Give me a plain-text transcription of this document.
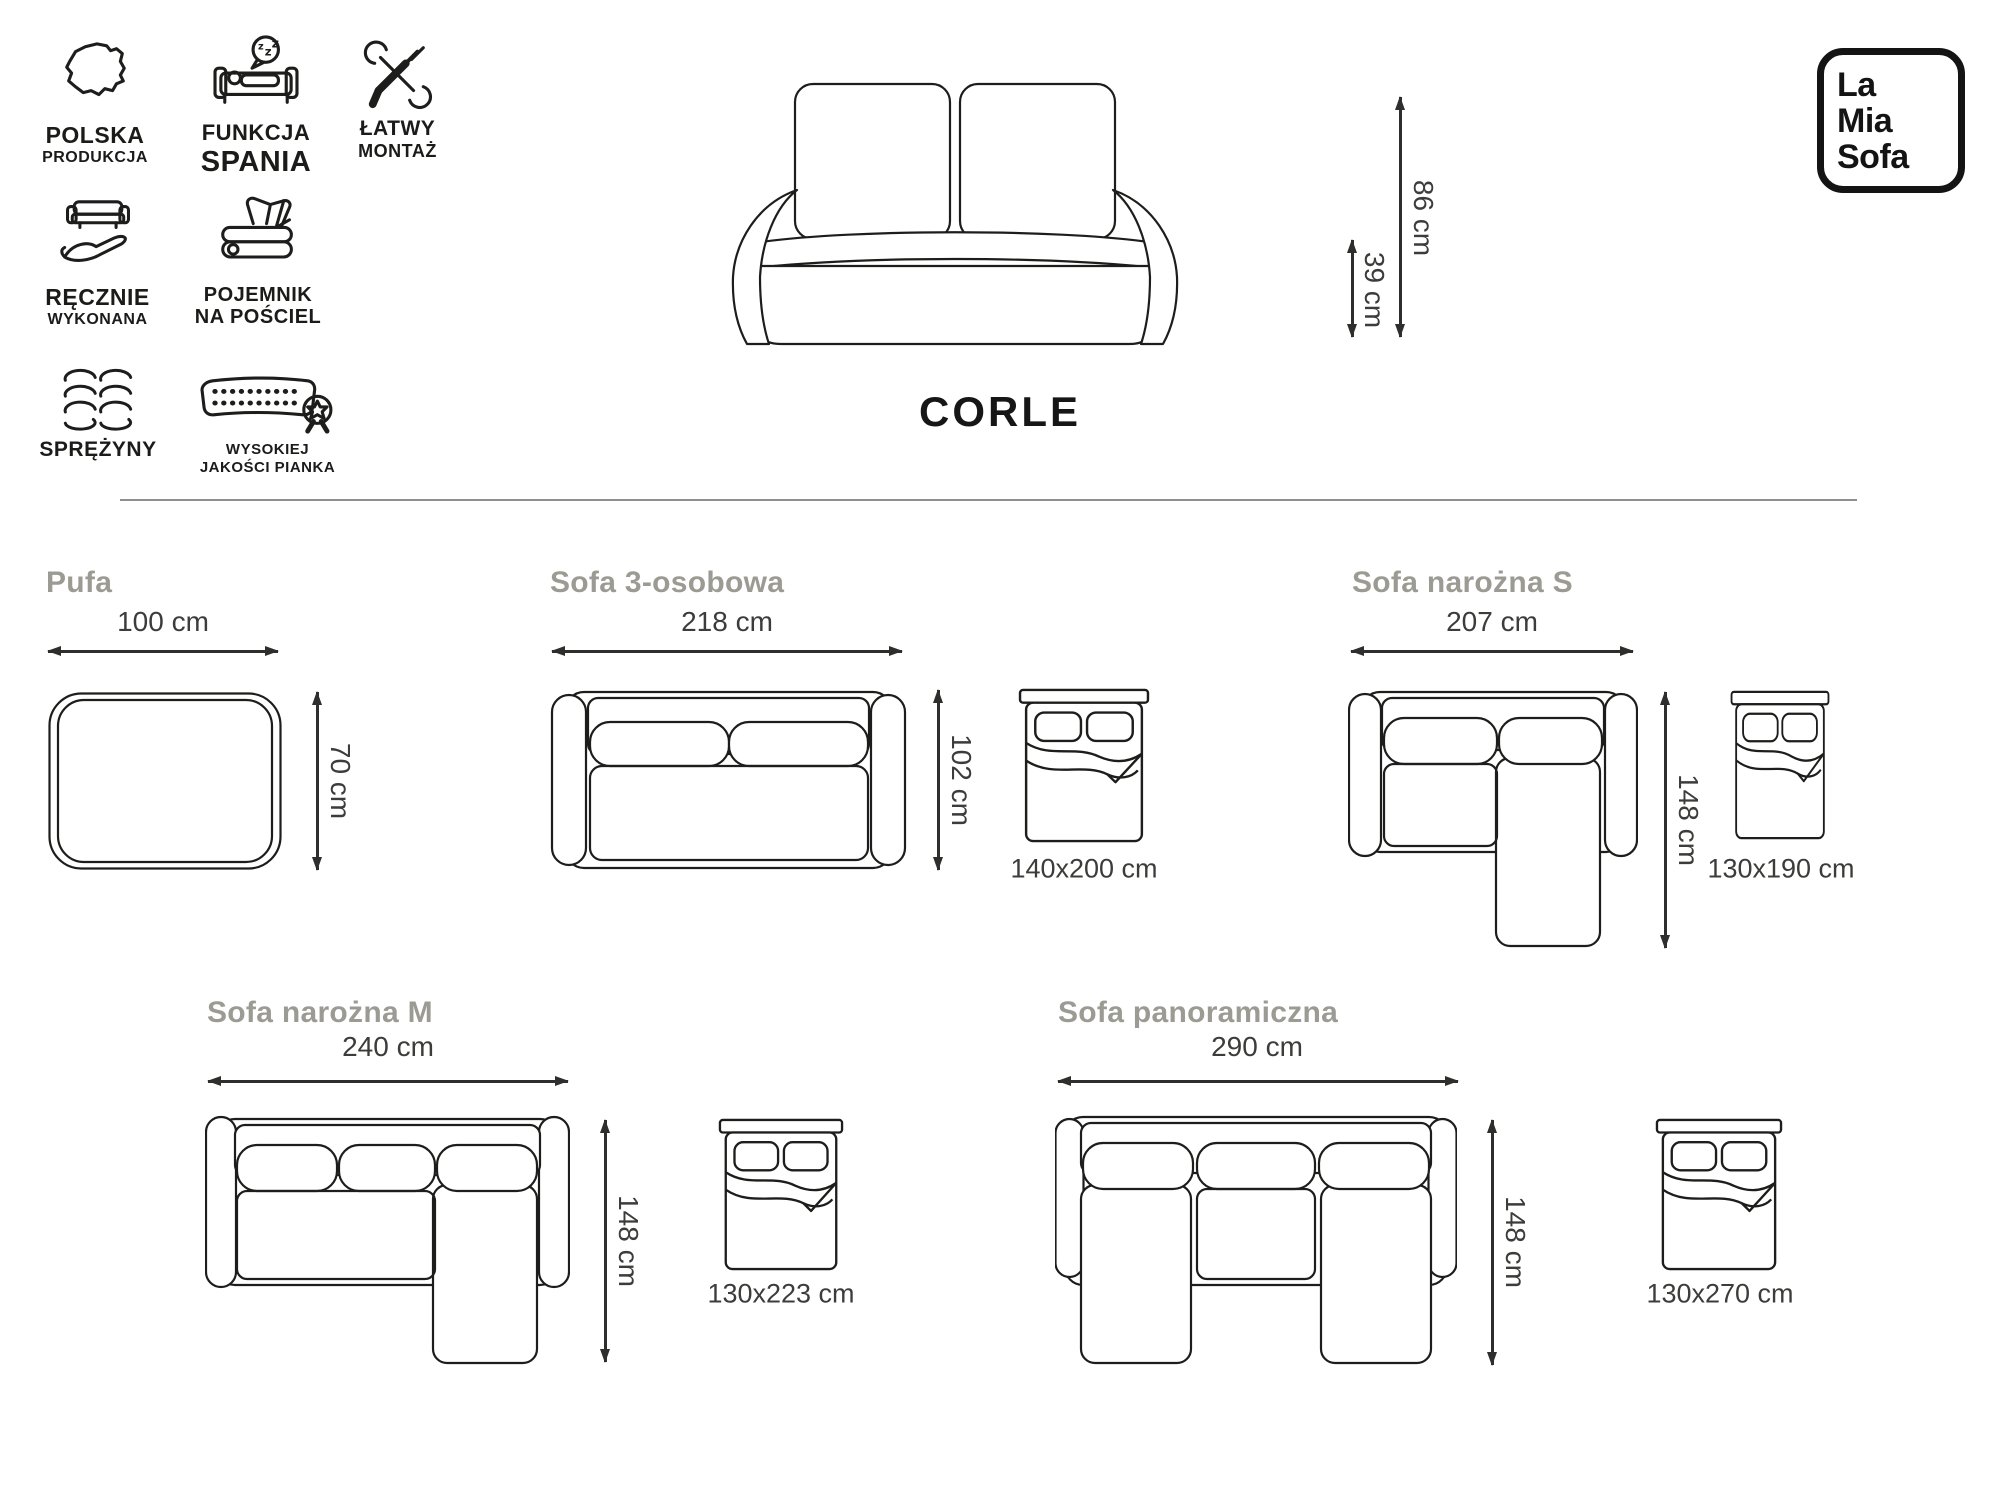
POLSKA
PRODUKCJA
z z
z
FUNKCJA
SPANIA
ŁATWY
MONTAŻ
RĘCZNIE
WYKONANA
POJEMNIK
NA POŚCIEL
SPRĘŻYNY	WYSOKIEJ
JAKOŚCI PIANKA
39 cm
86 cm
CORLE
La
Mia
Sofa
Pufa
100 cm
70 cm
Sofa 3-osobowa
218 cm
102 cm
140x200 cm
Sofa narożna S
207 cm
148 cm
130x190 cm
Sofa narożna M
240 cm
148 cm
130x223 cm
Sofa panoramiczna
290 cm
148 cm
130x270 cm
